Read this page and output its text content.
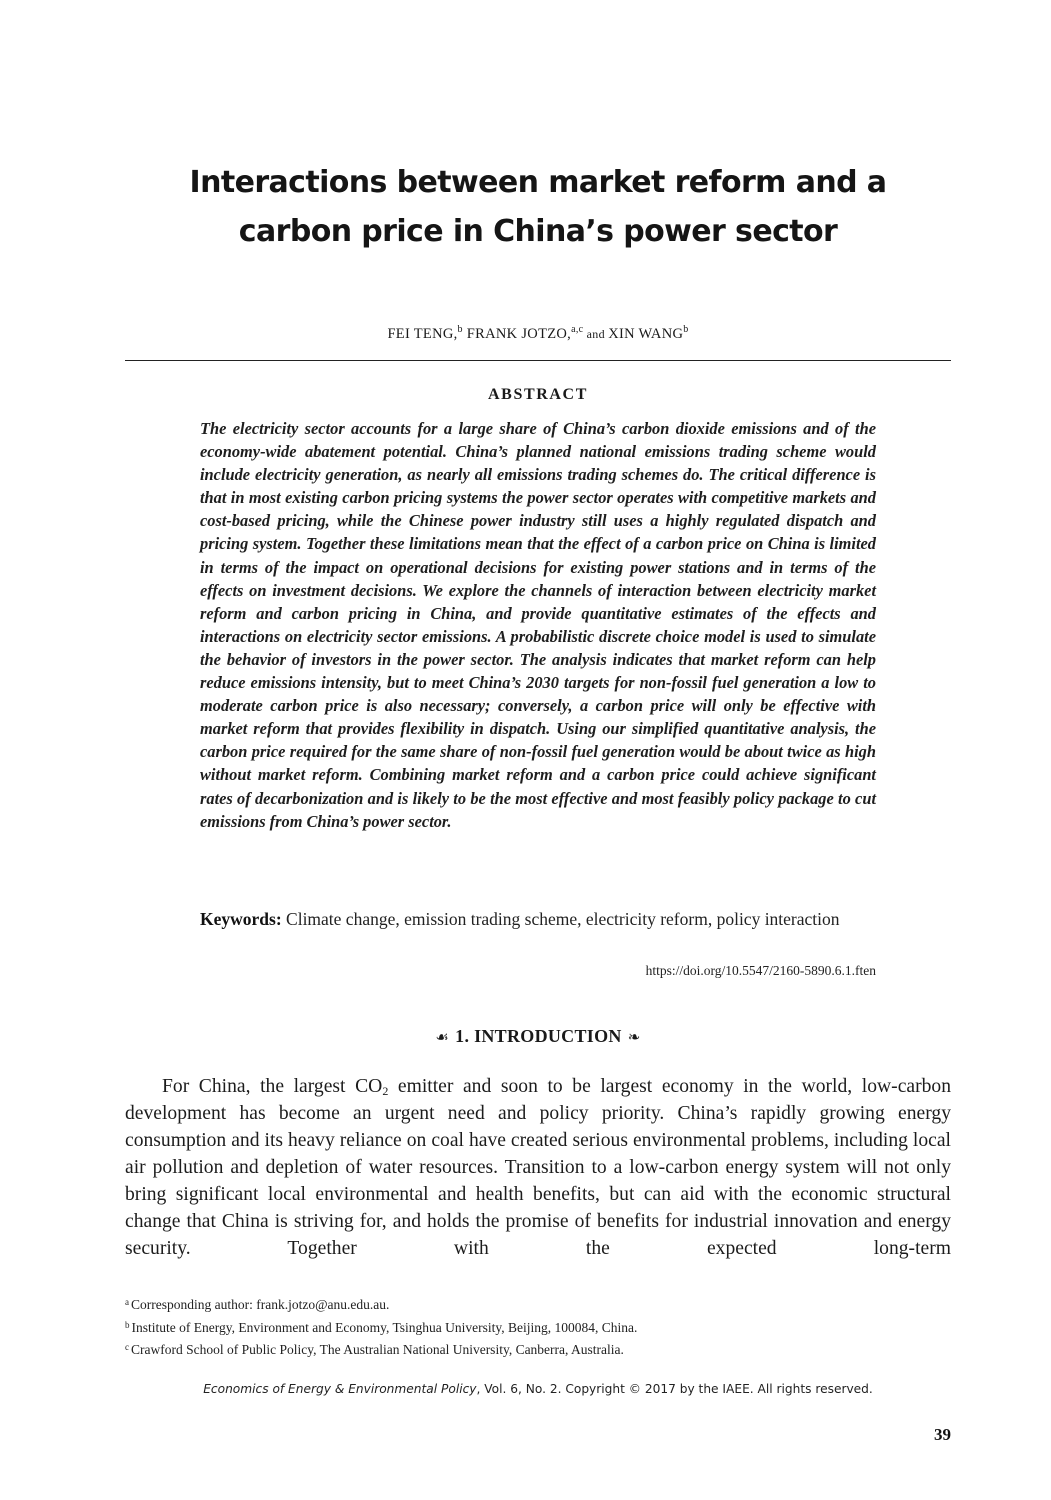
Interactions between market reform and a
carbon price in China’s power sector
FEI TENG,$^b$ FRANK JOTZO,$^{a,c}$ and XIN WANG$^b$
ABSTRACT

The electricity sector accounts for a large share of China’s carbon dioxide emissions and of the economy-wide abatement potential. China’s planned national emissions trading scheme would include electricity generation, as nearly all emissions trading schemes do. The critical difference is that in most existing carbon pricing systems the power sector operates with competitive markets and cost-based pricing, while the Chinese power industry still uses a highly regulated dispatch and pricing system. Together these limitations mean that the effect of a carbon price on China is limited in terms of the impact on operational decisions for existing power stations and in terms of the effects on investment decisions. We explore the channels of interaction between electricity market reform and carbon pricing in China, and provide quantitative estimates of the effects and interactions on electricity sector emissions. A probabilistic discrete choice model is used to simulate the behavior of investors in the power sector. The analysis indicates that market reform can help reduce emissions intensity, but to meet China’s 2030 targets for non-fossil fuel generation a low to moderate carbon price is also necessary; conversely, a carbon price will only be effective with market reform that provides flexibility in dispatch. Using our simplified quantitative analysis, the carbon price required for the same share of non-fossil fuel generation would be about twice as high without market reform. Combining market reform and a carbon price could achieve significant rates of decarbonization and is likely to be the most effective and most feasibly policy package to cut emissions from China’s power sector.

Keywords: Climate change, emission trading scheme, electricity reform, policy interaction
https://doi.org/10.5547/2160-5890.6.1.ften
☙ 1. INTRODUCTION ❧

For China, the largest $CO_2$ emitter and soon to be largest economy in the world, low-carbon development has become an urgent need and policy priority. China’s rapidly growing energy consumption and its heavy reliance on coal have created serious environmental problems, including local air pollution and depletion of water resources. Transition to a low-carbon energy system will not only bring significant local environmental and health benefits, but can aid with the economic structural change that China is striving for, and holds the promise of benefits for industrial innovation and energy security. Together with the expected long-term

$^a$ Corresponding author: frank.jotzo@anu.edu.au.
$^b$ Institute of Energy, Environment and Economy, Tsinghua University, Beijing, 100084, China.
$^c$ Crawford School of Public Policy, The Australian National University, Canberra, Australia.
Economics of Energy & Environmental Policy, Vol. 6, No. 2. Copyright © 2017 by the IAEE. All rights reserved.
39
